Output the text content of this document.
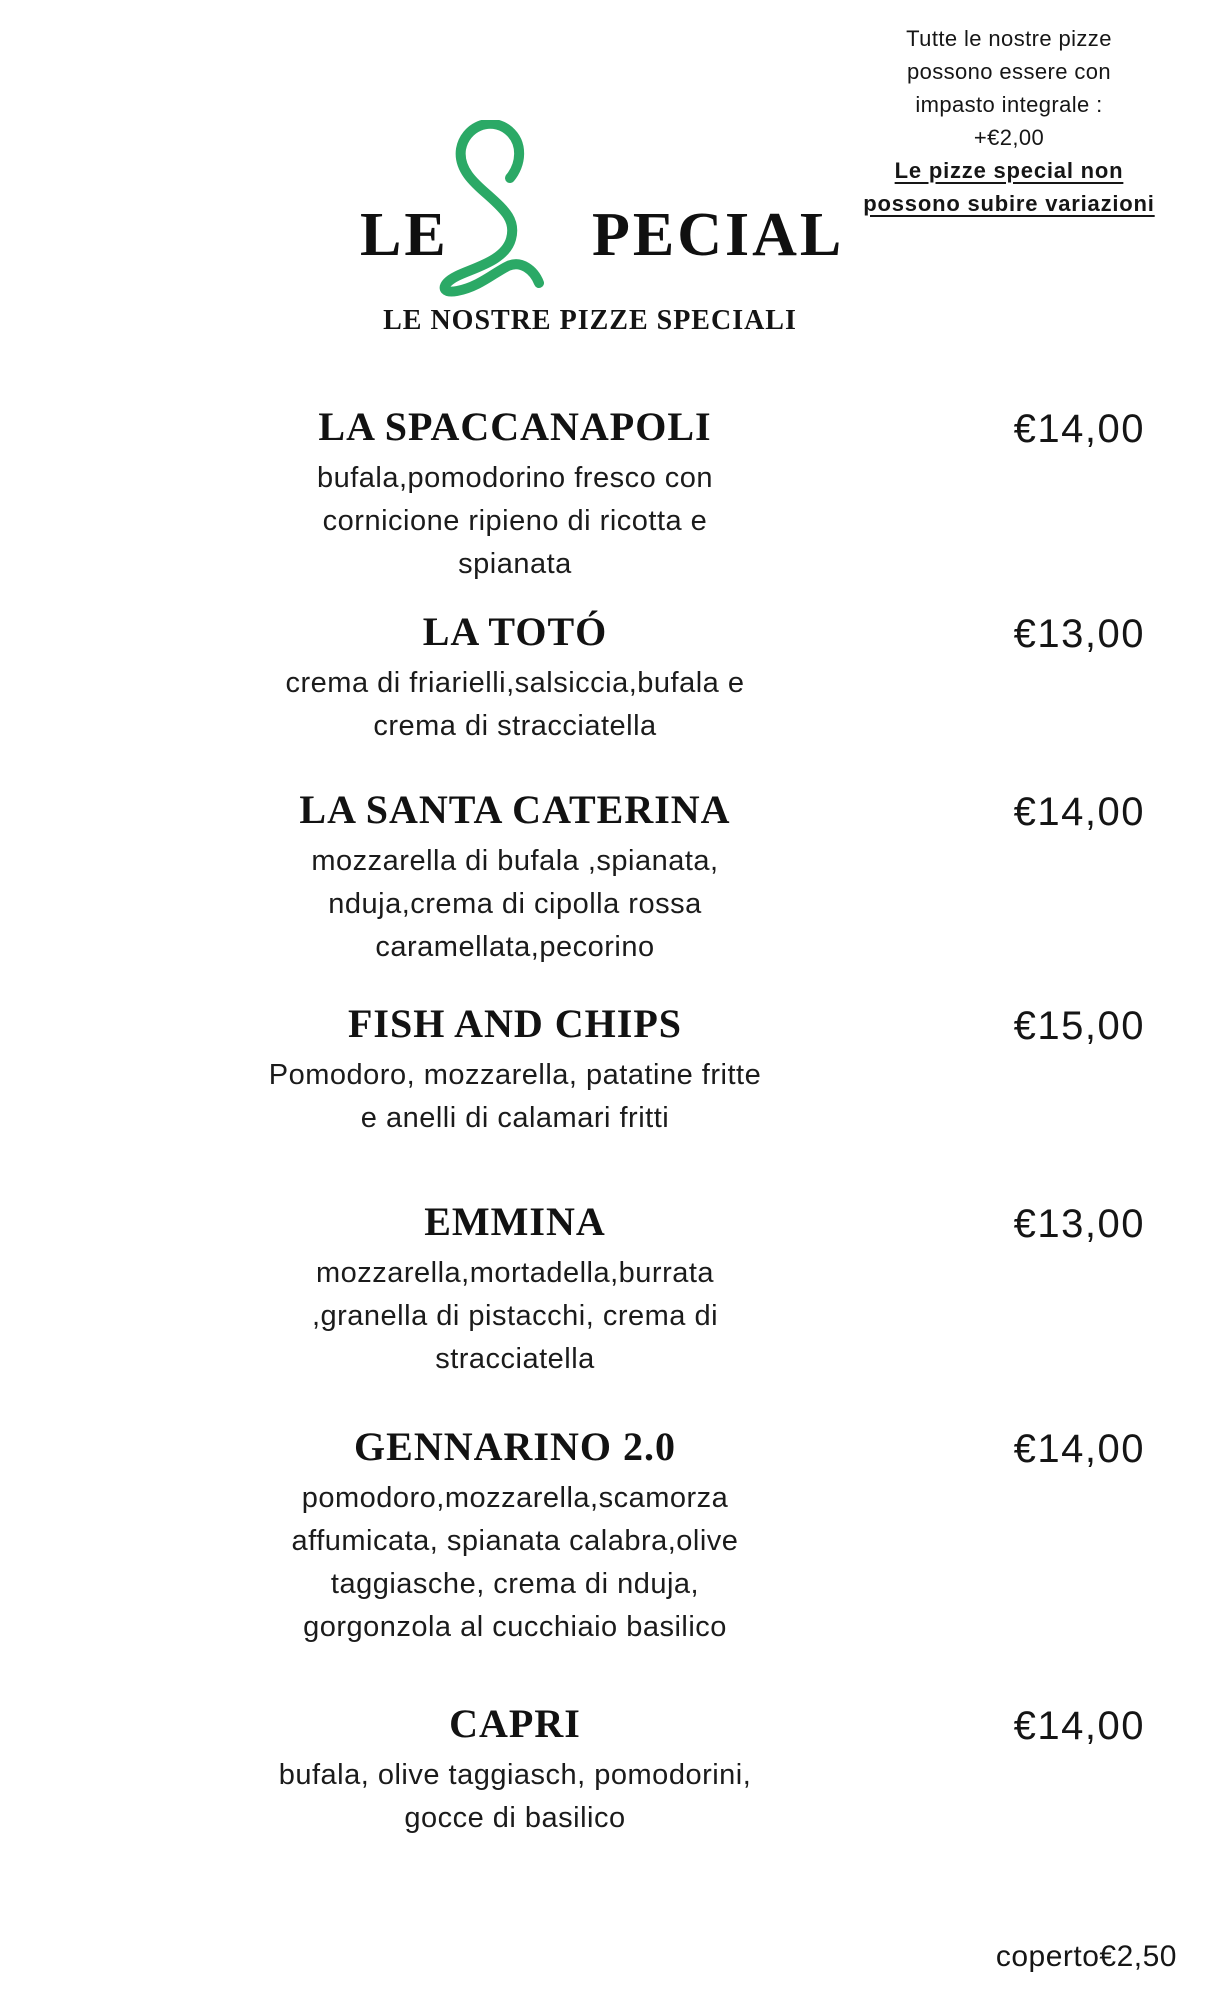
Tutte le nostre pizze
possono essere con
impasto integrale :
+€2,00
Le pizze special non
possono subire variazioni
LE PECIAL
LE NOSTRE PIZZE SPECIALI
LA SPACCANAPOLI	€14,00

bufala,pomodorino fresco con cornicione ripieno di ricotta e spianata

LA TOTÓ	€13,00

crema di friarielli,salsiccia,bufala e crema di stracciatella

LA SANTA CATERINA	€14,00

mozzarella di bufala ,spianata, nduja,crema di cipolla rossa caramellata,pecorino

FISH AND CHIPS	€15,00

Pomodoro, mozzarella, patatine fritte e anelli di calamari fritti

EMMINA	€13,00

mozzarella,mortadella,burrata ,granella di pistacchi, crema di stracciatella

GENNARINO 2.0	€14,00

pomodoro,mozzarella,scamorza affumicata, spianata calabra,olive taggiasche, crema di nduja, gorgonzola al cucchiaio basilico

CAPRI	€14,00

bufala, olive taggiasch, pomodorini, gocce di basilico

coperto€2,50
